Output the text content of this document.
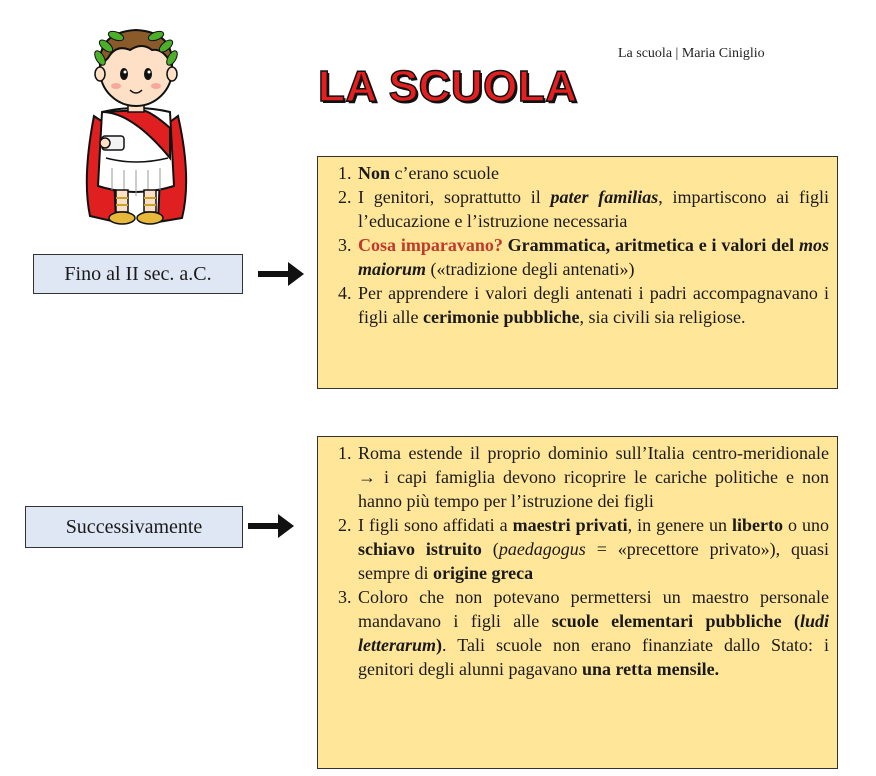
La scuola | Maria Ciniglio
LA SCUOLA
Fino al II sec. a.C.
1. Non c’erano scuole
2. I genitori, soprattutto il pater familias, impartiscono ai figli l’educazione e l’istruzione necessaria
3. Cosa imparavano? Grammatica, aritmetica e i valori del mos maiorum («tradizione degli antenati»)
4. Per apprendere i valori degli antenati i padri accompagnavano i figli alle cerimonie pubbliche, sia civili sia religiose.
Successivamente
1. Roma estende il proprio dominio sull’Italia centro-meridionale → i capi famiglia devono ricoprire le cariche politiche e non hanno più tempo per l’istruzione dei figli
2. I figli sono affidati a maestri privati, in genere un liberto o uno schiavo istruito (paedagogus = «precettore privato»), quasi sempre di origine greca
3. Coloro che non potevano permettersi un maestro personale mandavano i figli alle scuole elementari pubbliche (ludi letterarum). Tali scuole non erano finanziate dallo Stato: i genitori degli alunni pagavano una retta mensile.
